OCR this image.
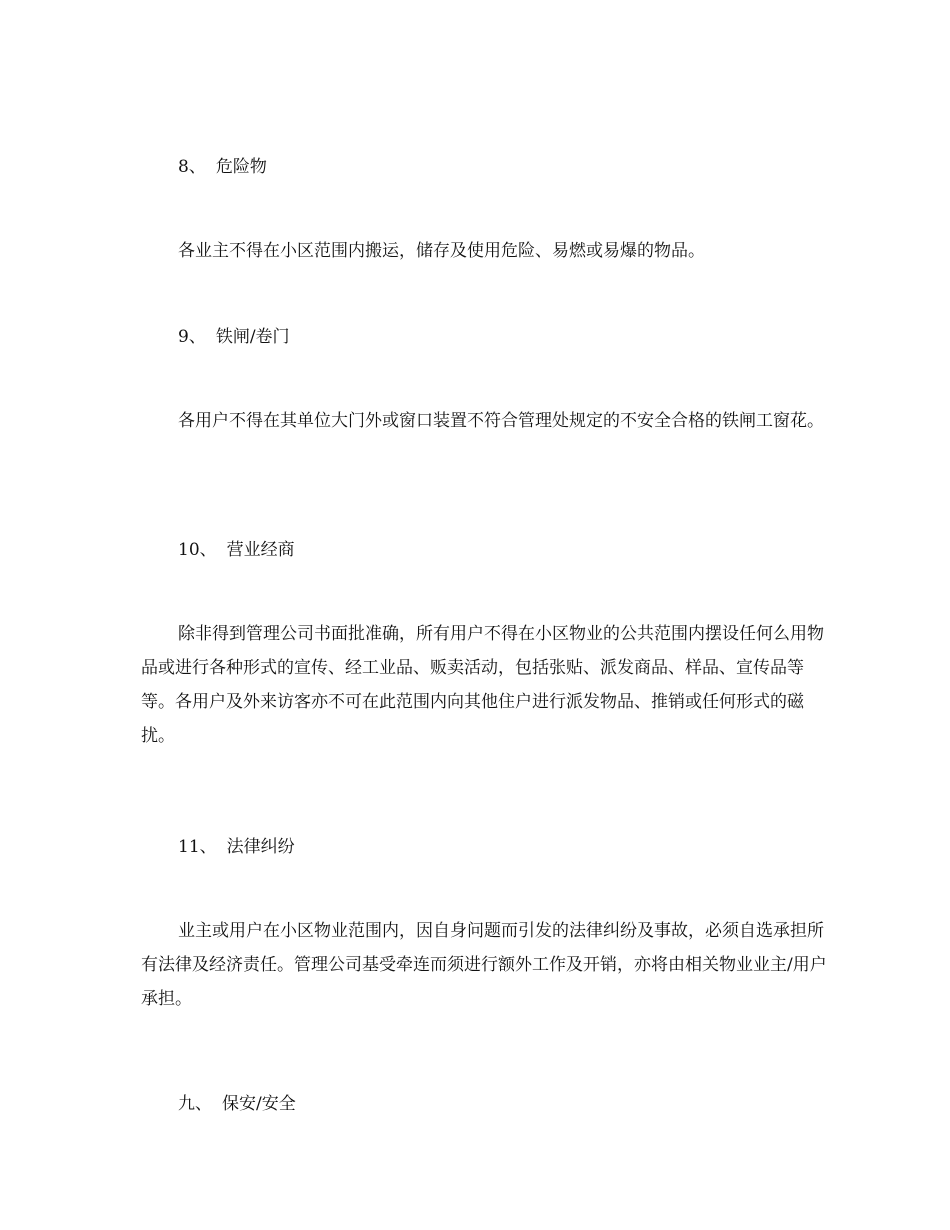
8、 危险物
各业主不得在小区范围内搬运，储存及使用危险、易燃或易爆的物品。
9、 铁闸/卷门
各用户不得在其单位大门外或窗口装置不符合管理处规定的不安全合格的铁闸工窗花。
10、 营业经商
除非得到管理公司书面批准确，所有用户不得在小区物业的公共范围内摆设任何么用物品或进行各种形式的宣传、经工业品、贩卖活动，包括张贴、派发商品、样品、宣传品等等。各用户及外来访客亦不可在此范围内向其他住户进行派发物品、推销或任何形式的磁扰。
11、 法律纠纷
业主或用户在小区物业范围内，因自身问题而引发的法律纠纷及事故，必须自选承担所有法律及经济责任。管理公司基受牵连而须进行额外工作及开销，亦将由相关物业业主/用户承担。
九、 保安/安全
